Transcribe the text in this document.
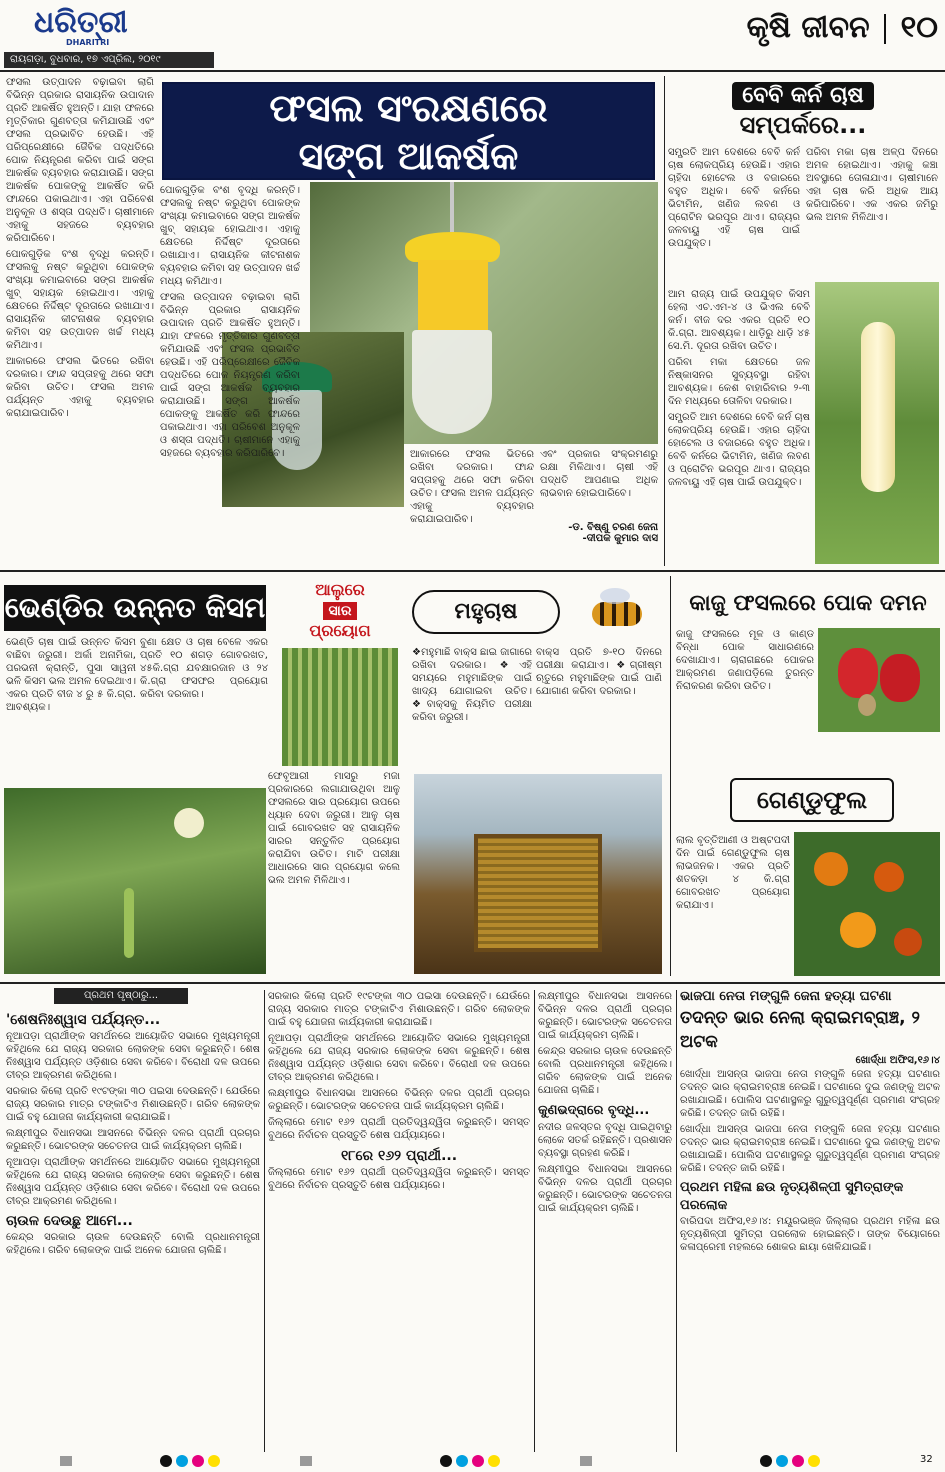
ଧରିତ୍ରୀ
DHARITRI
ରାୟଗଡ଼ା, ବୁଧବାର, ୧୭ ଏପ୍ରିଲ, ୨୦୧୯
କୃଷି ଜୀବନ ୧୦

ଫସଲ ଉତ୍ପାଦନ ବଢ଼ାଇବା ଲାଗି ବିଭିନ୍ନ ପ୍ରକାର ରାସାୟନିକ ଉପାଦାନ ପ୍ରତି ଆକର୍ଷିତ ହୁଅନ୍ତି। ଯାହା ଫଳରେ ମୃତ୍ତିକାର ଗୁଣବତ୍ତା କମିଯାଉଛି ଏବଂ ଫସଲ ପ୍ରଭାବିତ ହେଉଛି। ଏହି ପରିପ୍ରେକ୍ଷୀରେ ଜୈବିକ ପଦ୍ଧତିରେ ପୋକ ନିୟନ୍ତ୍ରଣ କରିବା ପାଇଁ ସଙ୍ଗ ଆକର୍ଷକ ବ୍ୟବହାର କରାଯାଉଛି। ସଙ୍ଗ ଆକର୍ଷକ ପୋକଙ୍କୁ ଆକର୍ଷିତ କରି ଫାନ୍ଦରେ ପକାଇଥାଏ। ଏହା ପରିବେଶ ଅନୁକୂଳ ଓ ଶସ୍ତା ପଦ୍ଧତି। ଚାଷୀମାନେ ଏହାକୁ ସହଜରେ ବ୍ୟବହାର କରିପାରିବେ।

ପୋକଗୁଡ଼ିକ ବଂଶ ବୃଦ୍ଧି କରନ୍ତି। ଫସଲକୁ ନଷ୍ଟ କରୁଥିବା ପୋକଙ୍କ ସଂଖ୍ୟା କମାଇବାରେ ସଙ୍ଗ ଆକର୍ଷକ ଖୁବ୍ ସହାୟକ ହୋଇଥାଏ। ଏହାକୁ କ୍ଷେତରେ ନିର୍ଦ୍ଦିଷ୍ଟ ଦୂରତାରେ ରଖାଯାଏ। ରାସାୟନିକ କୀଟନାଶକ ବ୍ୟବହାର କମିବା ସହ ଉତ୍ପାଦନ ଖର୍ଚ୍ଚ ମଧ୍ୟ କମିଥାଏ।

ଆକାରରେ ଫସଲ ଭିତରେ ରଖିବା ଦରକାର। ଫାନ୍ଦ ସପ୍ତାହକୁ ଥରେ ସଫା କରିବା ଉଚିତ। ଫସଲ ଅମଳ ପର୍ଯ୍ୟନ୍ତ ଏହାକୁ ବ୍ୟବହାର କରାଯାଇପାରିବ।

ଫସଲ ସଂରକ୍ଷଣରେ
ସଙ୍ଗ ଆକର୍ଷକ

ପୋକଗୁଡ଼ିକ ବଂଶ ବୃଦ୍ଧି କରନ୍ତି। ଫସଲକୁ ନଷ୍ଟ କରୁଥିବା ପୋକଙ୍କ ସଂଖ୍ୟା କମାଇବାରେ ସଙ୍ଗ ଆକର୍ଷକ ଖୁବ୍ ସହାୟକ ହୋଇଥାଏ। ଏହାକୁ କ୍ଷେତରେ ନିର୍ଦ୍ଦିଷ୍ଟ ଦୂରତାରେ ରଖାଯାଏ। ରାସାୟନିକ କୀଟନାଶକ ବ୍ୟବହାର କମିବା ସହ ଉତ୍ପାଦନ ଖର୍ଚ୍ଚ ମଧ୍ୟ କମିଥାଏ।

ଫସଲ ଉତ୍ପାଦନ ବଢ଼ାଇବା ଲାଗି ବିଭିନ୍ନ ପ୍ରକାର ରାସାୟନିକ ଉପାଦାନ ପ୍ରତି ଆକର୍ଷିତ ହୁଅନ୍ତି। ଯାହା ଫଳରେ ମୃତ୍ତିକାର ଗୁଣବତ୍ତା କମିଯାଉଛି ଏବଂ ଫସଲ ପ୍ରଭାବିତ ହେଉଛି। ଏହି ପରିପ୍ରେକ୍ଷୀରେ ଜୈବିକ ପଦ୍ଧତିରେ ପୋକ ନିୟନ୍ତ୍ରଣ କରିବା ପାଇଁ ସଙ୍ଗ ଆକର୍ଷକ ବ୍ୟବହାର କରାଯାଉଛି। ସଙ୍ଗ ଆକର୍ଷକ ପୋକଙ୍କୁ ଆକର୍ଷିତ କରି ଫାନ୍ଦରେ ପକାଇଥାଏ। ଏହା ପରିବେଶ ଅନୁକୂଳ ଓ ଶସ୍ତା ପଦ୍ଧତି। ଚାଷୀମାନେ ଏହାକୁ ସହଜରେ ବ୍ୟବହାର କରିପାରିବେ।	ଆକାରରେ ଫସଲ ଭିତରେ ରଖିବା ଦରକାର। ଫାନ୍ଦ ସପ୍ତାହକୁ ଥରେ ସଫା କରିବା ଉଚିତ। ଫସଲ ଅମଳ ପର୍ଯ୍ୟନ୍ତ ଏହାକୁ ବ୍ୟବହାର କରାଯାଇପାରିବ।

ଏବଂ ପ୍ରକାର ସଂକ୍ରମଣରୁ ରକ୍ଷା ମିଳିଥାଏ। ଚାଷୀ ଏହି ପଦ୍ଧତି ଆପଣାଇ ଅଧିକ ଲାଭବାନ ହୋଇପାରିବେ।

-ଡ. ବିଷ୍ଣୁ ଚରଣ ଜେନା
-ଦୀପକ କୁମାର ଦାସ
ବେବି କର୍ନ ଚାଷ
ସମ୍ପର୍କରେ...

ସମ୍ପ୍ରତି ଆମ ଦେଶରେ ବେବି କର୍ନ ଚାଷ ଲୋକପ୍ରିୟ ହେଉଛି। ଏହାର ଚାହିଦା ହୋଟେଲ ଓ ବଜାରରେ ବହୁତ ଅଧିକ। ବେବି କର୍ନରେ ଭିଟାମିନ, ଖଣିଜ ଲବଣ ଓ ପ୍ରୋଟିନ ଭରପୂର ଥାଏ। ରାଜ୍ୟର ଜଳବାୟୁ ଏହି ଚାଷ ପାଇଁ ଉପଯୁକ୍ତ।

ପରିବା ମକା ଚାଷ ଅଳ୍ପ ଦିନରେ ଅମଳ ହୋଇଥାଏ। ଏହାକୁ କଞ୍ଚା ଅବସ୍ଥାରେ ତୋଳାଯାଏ। ଚାଷୀମାନେ ଏହା ଚାଷ କରି ଅଧିକ ଆୟ କରିପାରିବେ। ଏକ ଏକର ଜମିରୁ ଭଲ ଅମଳ ମିଳିଥାଏ।

ଆମ ରାଜ୍ୟ ପାଇଁ ଉପଯୁକ୍ତ କିସମ ହେଲା ଏଚ.ଏମ-୪ ଓ ଭିଏଲ ବେବି କର୍ନ। ବୀଜ ଦର ଏକର ପ୍ରତି ୧୦ କି.ଗ୍ରା. ଆବଶ୍ୟକ। ଧାଡ଼ିରୁ ଧାଡ଼ି ୪୫ ସେ.ମି. ଦୂରତା ରଖିବା ଉଚିତ।

ପରିବା ମକା କ୍ଷେତରେ ଜଳ ନିଷ୍କାସନର ସୁବ୍ୟବସ୍ଥା ରହିବା ଆବଶ୍ୟକ। କେଶ ବାହାରିବାର ୨-୩ ଦିନ ମଧ୍ୟରେ ତୋଳିବା ଦରକାର।

ସମ୍ପ୍ରତି ଆମ ଦେଶରେ ବେବି କର୍ନ ଚାଷ ଲୋକପ୍ରିୟ ହେଉଛି। ଏହାର ଚାହିଦା ହୋଟେଲ ଓ ବଜାରରେ ବହୁତ ଅଧିକ। ବେବି କର୍ନରେ ଭିଟାମିନ, ଖଣିଜ ଲବଣ ଓ ପ୍ରୋଟିନ ଭରପୂର ଥାଏ। ରାଜ୍ୟର ଜଳବାୟୁ ଏହି ଚାଷ ପାଇଁ ଉପଯୁକ୍ତ।

ଭେଣ୍ଡିର ଉନ୍ନତ କିସମ

ଭେଣ୍ଡି ଚାଷ ପାଇଁ ଉନ୍ନତ କିସମ ବାଛିବା ଜରୁରୀ। ଅର୍କା ଅନାମିକା, ପରଭନୀ କ୍ରାନ୍ତି, ପୁସା ସାୱନୀ ଭଳି କିସମ ଭଲ ଅମଳ ଦେଇଥାଏ। ଏକର ପ୍ରତି ବୀଜ ୪ ରୁ ୫ କି.ଗ୍ରା. ଆବଶ୍ୟକ।

ବୁଣା କ୍ଷେତ ଓ ଚାଷ ବେଳେ ଏକର ପ୍ରତି ୧୦ ଶଗଡ଼ ଗୋବରଖତ, ୪୫କି.ଗ୍ରା ଯବକ୍ଷାରଜାନ ଓ ୨୪ କି.ଗ୍ରା ଫସଫର ପ୍ରୟୋଗ କରିବା ଦରକାର।

ଆଲୁରେ
ସାର
ପ୍ରୟୋଗ

ଫେବୃଆରୀ ମାସରୁ ମଜା ପ୍ରକାରରେ ଲଗାଯାଉଥିବା ଆଳୁ ଫସଲରେ ସାର ପ୍ରୟୋଗ ଉପରେ ଧ୍ୟାନ ଦେବା ଜରୁରୀ। ଆଳୁ ଚାଷ ପାଇଁ ଗୋବରଖତ ସହ ରାସାୟନିକ ସାରର ସନ୍ତୁଳିତ ପ୍ରୟୋଗ କରାଯିବା ଉଚିତ। ମାଟି ପରୀକ୍ଷା ଆଧାରରେ ସାର ପ୍ରୟୋଗ କଲେ ଭଲ ଅମଳ ମିଳିଥାଏ।

ମହୁଚାଷ

❖ମହୁମାଛି ବାକ୍ସ ଛାଇ ଜାଗାରେ ରଖିବା ଦରକାର। ❖ଏହି ସମୟରେ ମହୁମାଛିଙ୍କ ପାଇଁ ଖାଦ୍ୟ ଯୋଗାଇବା ଉଚିତ। ❖ବାକ୍ସକୁ ନିୟମିତ ପରୀକ୍ଷା କରିବା ଜରୁରୀ।

ବାକ୍ସ ପ୍ରତି ୭-୧୦ ଦିନରେ ପରୀକ୍ଷା କରାଯାଏ। ❖ଗ୍ରୀଷ୍ମ ଋତୁରେ ମହୁମାଛିଙ୍କ ପାଇଁ ପାଣି ଯୋଗାଣ କରିବା ଦରକାର।

କାଜୁ ଫସଲରେ ପୋକ ଦମନ

କାଜୁ ଫସଲରେ ମୂଳ ଓ କାଣ୍ଡ ବିନ୍ଧା ପୋକ ସାଧାରଣରେ ଦେଖାଯାଏ। ଚାରାଗଛରେ ପୋକର ଆକ୍ରମଣ ଜଣାପଡ଼ିଲେ ତୁରନ୍ତ ନିରାକରଣ କରିବା ଉଚିତ।

ଗେଣ୍ଡୁଫୁଲ

ଲାଲ ବୃତ୍ତିଆଣୀ ଓ ଅଷ୍ଟପଦୀ ଦିନ ପାଇଁ ଗେଣ୍ଡୁଫୁଲ ଚାଷ ଲାଭଜନକ। ଏକର ପ୍ରତି ଶତକଡ଼ା ୪ କି.ଗ୍ରା ଗୋବରଖତ ପ୍ରୟୋଗ କରାଯାଏ।

ପ୍ରଥମ ପୃଷ୍ଠାରୁ...
'ଶେଷନିଃଶ୍ୱାସ ପର୍ଯ୍ୟନ୍ତ...

ନୂଆପଡ଼ା ପ୍ରାର୍ଥୀଙ୍କ ସମର୍ଥନରେ ଆୟୋଜିତ ସଭାରେ ମୁଖ୍ୟମନ୍ତ୍ରୀ କହିଥିଲେ ଯେ ରାଜ୍ୟ ସରକାର ଲୋକଙ୍କ ସେବା କରୁଛନ୍ତି। ଶେଷ ନିଃଶ୍ୱାସ ପର୍ଯ୍ୟନ୍ତ ଓଡ଼ିଶାର ସେବା କରିବେ। ବିରୋଧୀ ଦଳ ଉପରେ ତୀବ୍ର ଆକ୍ରମଣ କରିଥିଲେ।

ସରକାର କିଲୋ ପ୍ରତି ୧୯ଟଙ୍କା ୩୦ ପଇସା ଦେଉଛନ୍ତି। ଯେଉଁରେ ରାଜ୍ୟ ସରକାର ମାତ୍ର ଟଙ୍କାଟିଏ ମିଶାଉଛନ୍ତି। ଗରିବ ଲୋକଙ୍କ ପାଇଁ ବହୁ ଯୋଜନା କାର୍ଯ୍ୟକାରୀ କରାଯାଇଛି।

ଲକ୍ଷ୍ମୀପୁର ବିଧାନସଭା ଆସନରେ ବିଭିନ୍ନ ଦଳର ପ୍ରାର୍ଥୀ ପ୍ରଚାର କରୁଛନ୍ତି। ଭୋଟରଙ୍କ ସଚେତନତା ପାଇଁ କାର୍ଯ୍ୟକ୍ରମ ଚାଲିଛି।

ନୂଆପଡ଼ା ପ୍ରାର୍ଥୀଙ୍କ ସମର୍ଥନରେ ଆୟୋଜିତ ସଭାରେ ମୁଖ୍ୟମନ୍ତ୍ରୀ କହିଥିଲେ ଯେ ରାଜ୍ୟ ସରକାର ଲୋକଙ୍କ ସେବା କରୁଛନ୍ତି। ଶେଷ ନିଃଶ୍ୱାସ ପର୍ଯ୍ୟନ୍ତ ଓଡ଼ିଶାର ସେବା କରିବେ। ବିରୋଧୀ ଦଳ ଉପରେ ତୀବ୍ର ଆକ୍ରମଣ କରିଥିଲେ।

ଚାଉଳ ଦେଉଛୁ ଆମେ...

କେନ୍ଦ୍ର ସରକାର ଚାଉଳ ଦେଉଛନ୍ତି ବୋଲି ପ୍ରଧାନମନ୍ତ୍ରୀ କହିଥିଲେ। ଗରିବ ଲୋକଙ୍କ ପାଇଁ ଅନେକ ଯୋଜନା ଚାଲିଛି।

ସରକାର କିଲୋ ପ୍ରତି ୧୯ଟଙ୍କା ୩୦ ପଇସା ଦେଉଛନ୍ତି। ଯେଉଁରେ ରାଜ୍ୟ ସରକାର ମାତ୍ର ଟଙ୍କାଟିଏ ମିଶାଉଛନ୍ତି। ଗରିବ ଲୋକଙ୍କ ପାଇଁ ବହୁ ଯୋଜନା କାର୍ଯ୍ୟକାରୀ କରାଯାଇଛି।

ନୂଆପଡ଼ା ପ୍ରାର୍ଥୀଙ୍କ ସମର୍ଥନରେ ଆୟୋଜିତ ସଭାରେ ମୁଖ୍ୟମନ୍ତ୍ରୀ କହିଥିଲେ ଯେ ରାଜ୍ୟ ସରକାର ଲୋକଙ୍କ ସେବା କରୁଛନ୍ତି। ଶେଷ ନିଃଶ୍ୱାସ ପର୍ଯ୍ୟନ୍ତ ଓଡ଼ିଶାର ସେବା କରିବେ। ବିରୋଧୀ ଦଳ ଉପରେ ତୀବ୍ର ଆକ୍ରମଣ କରିଥିଲେ।

ଲକ୍ଷ୍ମୀପୁର ବିଧାନସଭା ଆସନରେ ବିଭିନ୍ନ ଦଳର ପ୍ରାର୍ଥୀ ପ୍ରଚାର କରୁଛନ୍ତି। ଭୋଟରଙ୍କ ସଚେତନତା ପାଇଁ କାର୍ଯ୍ୟକ୍ରମ ଚାଲିଛି।

ଜିଲ୍ଲାରେ ମୋଟ ୧୬୨ ପ୍ରାର୍ଥୀ ପ୍ରତିଦ୍ୱନ୍ଦ୍ୱିତା କରୁଛନ୍ତି। ସମସ୍ତ ବୁଥରେ ନିର୍ବାଚନ ପ୍ରସ୍ତୁତି ଶେଷ ପର୍ଯ୍ୟାୟରେ।

୧୮ରେ ୧୬୨ ପ୍ରାର୍ଥୀ...

ଜିଲ୍ଲାରେ ମୋଟ ୧୬୨ ପ୍ରାର୍ଥୀ ପ୍ରତିଦ୍ୱନ୍ଦ୍ୱିତା କରୁଛନ୍ତି। ସମସ୍ତ ବୁଥରେ ନିର୍ବାଚନ ପ୍ରସ୍ତୁତି ଶେଷ ପର୍ଯ୍ୟାୟରେ।

ଲକ୍ଷ୍ମୀପୁର ବିଧାନସଭା ଆସନରେ ବିଭିନ୍ନ ଦଳର ପ୍ରାର୍ଥୀ ପ୍ରଚାର କରୁଛନ୍ତି। ଭୋଟରଙ୍କ ସଚେତନତା ପାଇଁ କାର୍ଯ୍ୟକ୍ରମ ଚାଲିଛି।

କେନ୍ଦ୍ର ସରକାର ଚାଉଳ ଦେଉଛନ୍ତି ବୋଲି ପ୍ରଧାନମନ୍ତ୍ରୀ କହିଥିଲେ। ଗରିବ ଲୋକଙ୍କ ପାଇଁ ଅନେକ ଯୋଜନା ଚାଲିଛି।

କୁଣଭଦ୍ରାରେ ବୃଦ୍ଧି...

ନଦୀର ଜଳସ୍ତର ବୃଦ୍ଧି ପାଇଥିବାରୁ ଲୋକେ ସତର୍କ ରହିଛନ୍ତି। ପ୍ରଶାସନ ବ୍ୟବସ୍ଥା ଗ୍ରହଣ କରିଛି।

ଲକ୍ଷ୍ମୀପୁର ବିଧାନସଭା ଆସନରେ ବିଭିନ୍ନ ଦଳର ପ୍ରାର୍ଥୀ ପ୍ରଚାର କରୁଛନ୍ତି। ଭୋଟରଙ୍କ ସଚେତନତା ପାଇଁ କାର୍ଯ୍ୟକ୍ରମ ଚାଲିଛି।

ଭାଜପା ନେତା ମଙ୍ଗୁଳି ଜେନା ହତ୍ୟା ଘଟଣା
ତଦନ୍ତ ଭାର ନେଲା କ୍ରାଇମବ୍ରାଞ୍ଚ, ୨ ଅଟକ
ଖୋର୍ଦ୍ଧା ଅଫିସ,୧୬।୪

ଖୋର୍ଦ୍ଧା ଆସନ୍ତା ଭାଜପା ନେତା ମଙ୍ଗୁଳି ଜେନା ହତ୍ୟା ଘଟଣାର ତଦନ୍ତ ଭାର କ୍ରାଇମବ୍ରାଞ୍ଚ ନେଇଛି। ଘଟଣାରେ ଦୁଇ ଜଣଙ୍କୁ ଅଟକ ରଖାଯାଇଛି। ପୋଲିସ ଘଟଣାସ୍ଥଳରୁ ଗୁରୁତ୍ୱପୂର୍ଣ୍ଣ ପ୍ରମାଣ ସଂଗ୍ରହ କରିଛି। ତଦନ୍ତ ଜାରି ରହିଛି।

ଖୋର୍ଦ୍ଧା ଆସନ୍ତା ଭାଜପା ନେତା ମଙ୍ଗୁଳି ଜେନା ହତ୍ୟା ଘଟଣାର ତଦନ୍ତ ଭାର କ୍ରାଇମବ୍ରାଞ୍ଚ ନେଇଛି। ଘଟଣାରେ ଦୁଇ ଜଣଙ୍କୁ ଅଟକ ରଖାଯାଇଛି। ପୋଲିସ ଘଟଣାସ୍ଥଳରୁ ଗୁରୁତ୍ୱପୂର୍ଣ୍ଣ ପ୍ରମାଣ ସଂଗ୍ରହ କରିଛି। ତଦନ୍ତ ଜାରି ରହିଛି।

ପ୍ରଥମ ମହିଳା ଛଉ ନୃତ୍ୟଶିଳ୍ପୀ ସୁମିତ୍ରାଙ୍କ ପରଲୋକ

ବାରିପଦା ଅଫିସ,୧୬।୪: ମୟୂରଭଞ୍ଜ ଜିଲ୍ଲାର ପ୍ରଥମ ମହିଳା ଛଉ ନୃତ୍ୟଶିଳ୍ପୀ ସୁମିତ୍ରା ପରଲୋକ ହୋଇଛନ୍ତି। ତାଙ୍କ ବିୟୋଗରେ କଳାପ୍ରେମୀ ମହଲରେ ଶୋକର ଛାୟା ଖେଳିଯାଇଛି।

32
